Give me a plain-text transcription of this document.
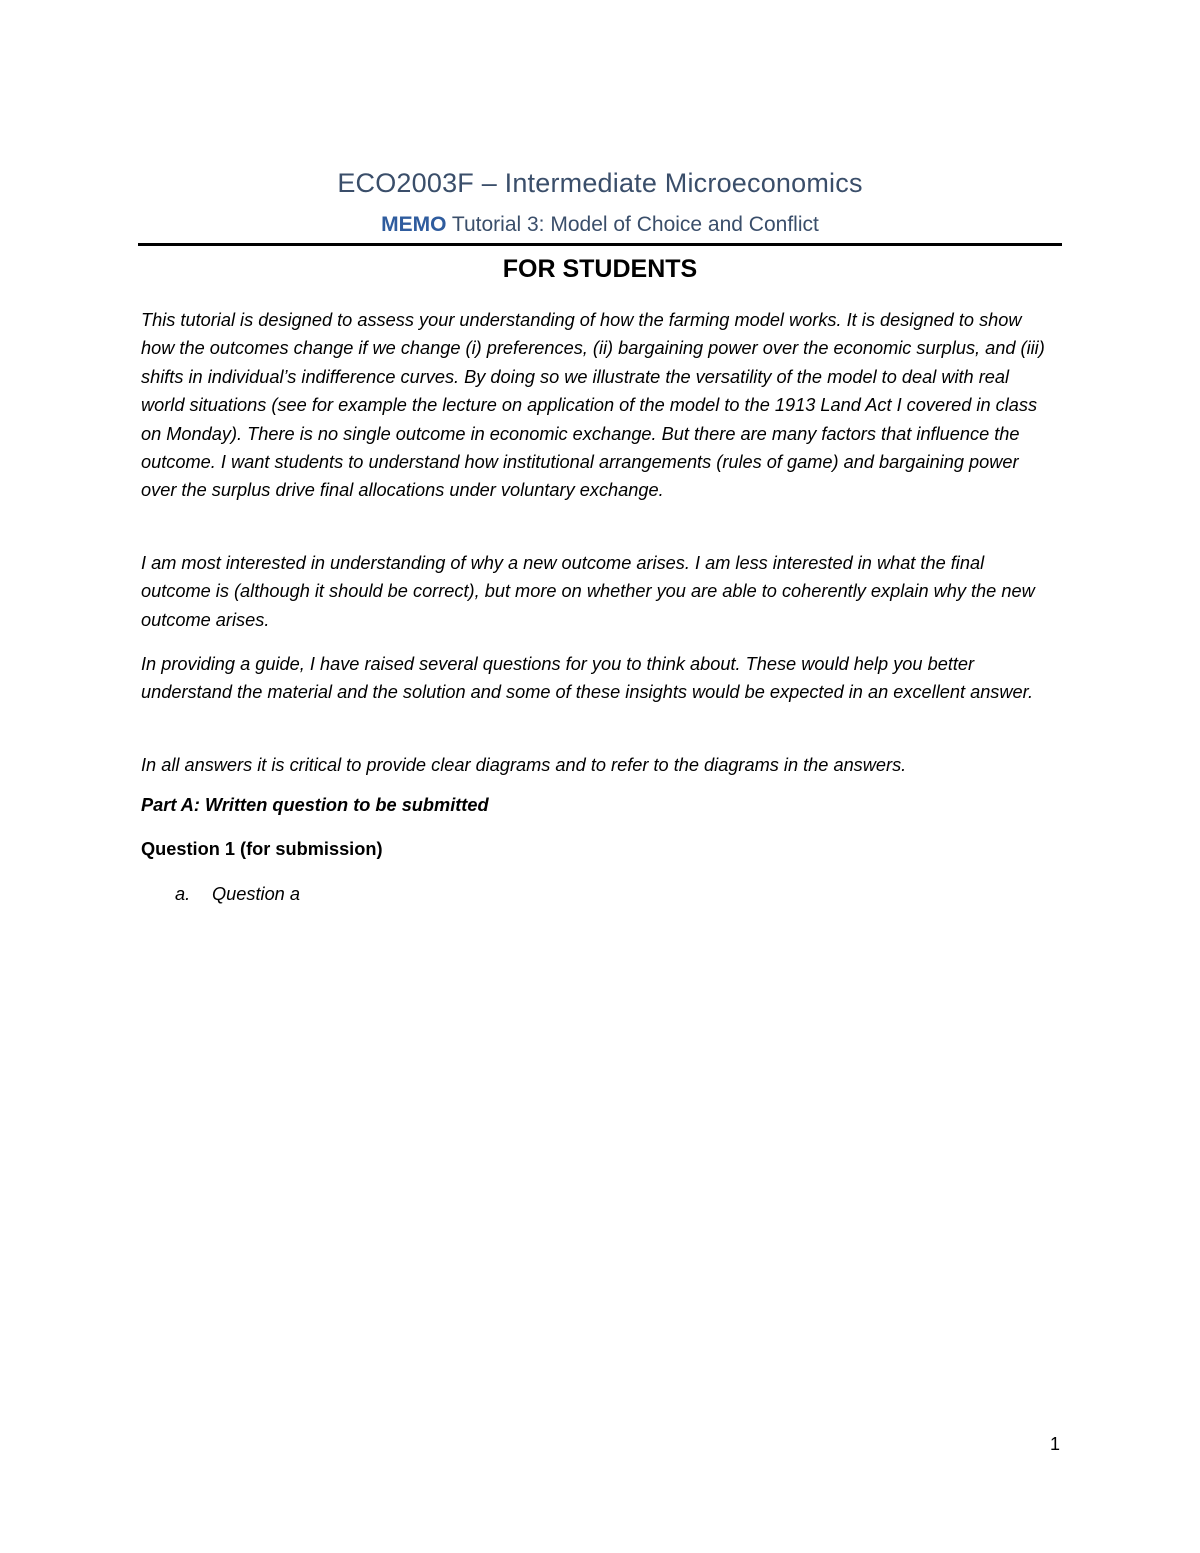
ECO2003F – Intermediate Microeconomics
MEMO Tutorial 3: Model of Choice and Conflict
FOR STUDENTS

This tutorial is designed to assess your understanding of how the farming model works. It is designed to show how the outcomes change if we change (i) preferences, (ii) bargaining power over the economic surplus, and (iii) shifts in individual’s indifference curves. By doing so we illustrate the versatility of the model to deal with real world situations (see for example the lecture on application of the model to the 1913 Land Act I covered in class on Monday). There is no single outcome in economic exchange. But there are many factors that influence the outcome. I want students to understand how institutional arrangements (rules of game) and bargaining power over the surplus drive final allocations under voluntary exchange.

I am most interested in understanding of why a new outcome arises. I am less interested in what the final outcome is (although it should be correct), but more on whether you are able to coherently explain why the new outcome arises.

In providing a guide, I have raised several questions for you to think about. These would help you better understand the material and the solution and some of these insights would be expected in an excellent answer.

In all answers it is critical to provide clear diagrams and to refer to the diagrams in the answers.

Part A: Written question to be submitted
Question 1 (for submission)
a. Question a
1
